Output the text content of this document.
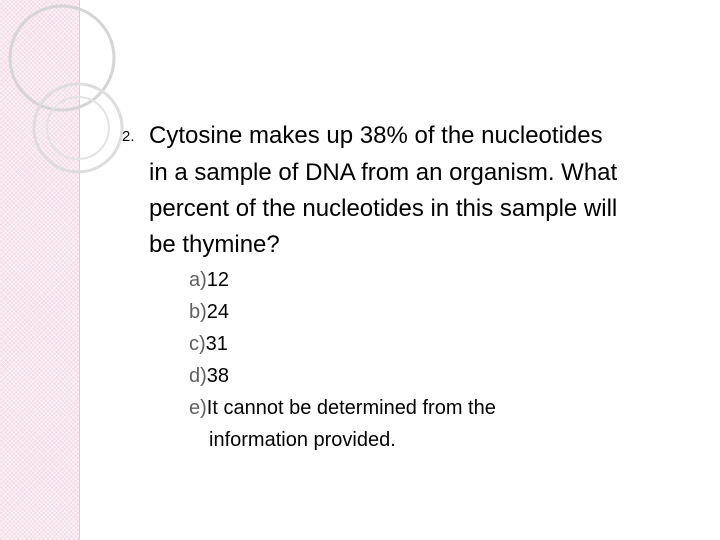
2. Cytosine makes up 38% of the nucleotides
in a sample of DNA from an organism. What
percent of the nucleotides in this sample will
be thymine?
a)12
b)24
c)31
d)38
e)It cannot be determined from the
information provided.
